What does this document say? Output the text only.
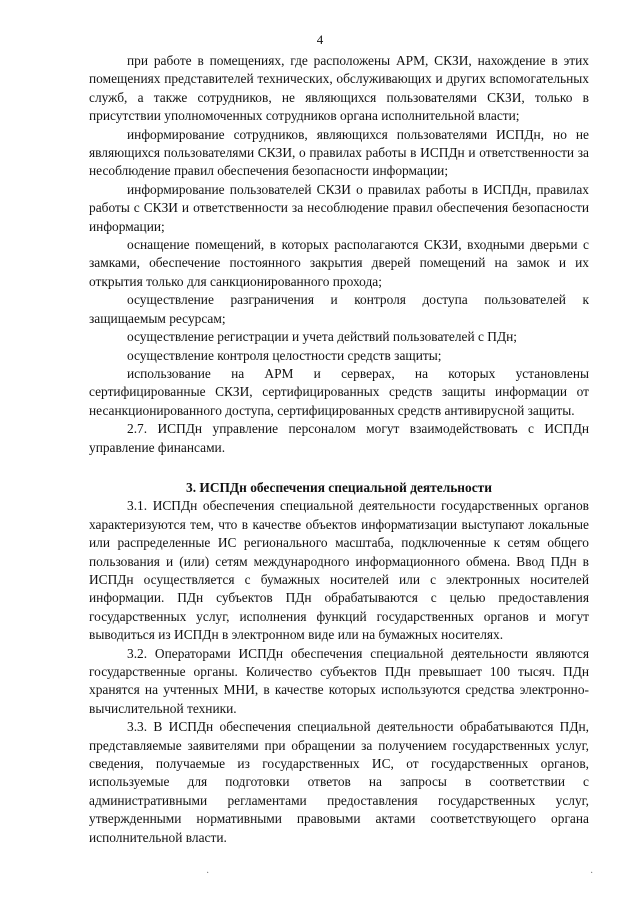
4

при работе в помещениях, где расположены АРМ, СКЗИ, нахождение в этих помещениях представителей технических, обслуживающих и других вспомогательных служб, а также сотрудников, не являющихся пользователями СКЗИ, только в присутствии уполномоченных сотрудников органа исполнительной власти;

информирование сотрудников, являющихся пользователями ИСПДн, но не являющихся пользователями СКЗИ, о правилах работы в ИСПДн и ответственности за несоблюдение правил обеспечения безопасности информации;

информирование пользователей СКЗИ о правилах работы в ИСПДн, правилах работы с СКЗИ и ответственности за несоблюдение правил обеспечения безопасности информации;

оснащение помещений, в которых располагаются СКЗИ, входными дверьми с замками, обеспечение постоянного закрытия дверей помещений на замок и их открытия только для санкционированного прохода;

осуществление разграничения и контроля доступа пользователей к защищаемым ресурсам;

осуществление регистрации и учета действий пользователей с ПДн;

осуществление контроля целостности средств защиты;

использование на АРМ и серверах, на которых установлены сертифицированные СКЗИ, сертифицированных средств защиты информации от несанкционированного доступа, сертифицированных средств антивирусной защиты.

2.7. ИСПДн управление персоналом могут взаимодействовать с ИСПДн управление финансами.

3. ИСПДн обеспечения специальной деятельности

3.1. ИСПДн обеспечения специальной деятельности государственных органов характеризуются тем, что в качестве объектов информатизации выступают локальные или распределенные ИС регионального масштаба, подключенные к сетям общего пользования и (или) сетям международного информационного обмена. Ввод ПДн в ИСПДн осуществляется с бумажных носителей или с электронных носителей информации. ПДн субъектов ПДн обрабатываются с целью предоставления государственных услуг, исполнения функций государственных органов и могут выводиться из ИСПДн в электронном виде или на бумажных носителях.

3.2. Операторами ИСПДн обеспечения специальной деятельности являются государственные органы. Количество субъектов ПДн превышает 100 тысяч. ПДн хранятся на учтенных МНИ, в качестве которых используются средства электронно-вычислительной техники.

3.3. В ИСПДн обеспечения специальной деятельности обрабатываются ПДн, представляемые заявителями при обращении за получением государственных услуг, сведения, получаемые из государственных ИС, от государственных органов, используемые для подготовки ответов на запросы в соответствии с административными регламентами предоставления государственных услуг, утвержденными нормативными правовыми актами соответствующего органа исполнительной власти.

·	·
